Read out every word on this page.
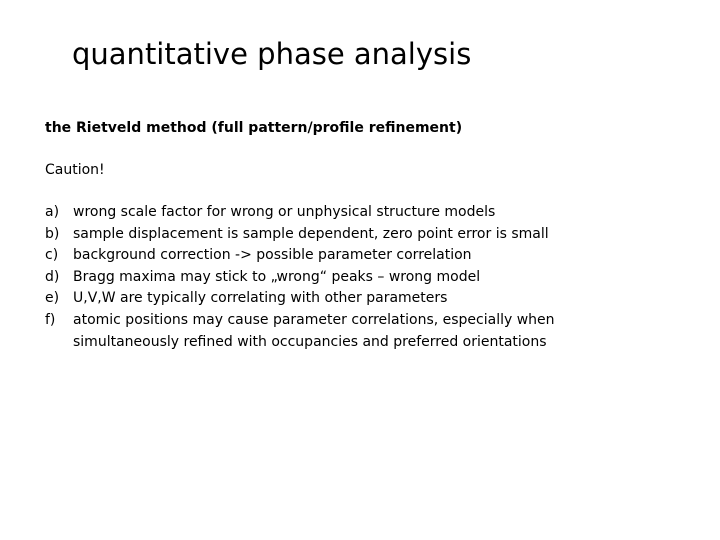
quantitative phase analysis
the Rietveld method (full pattern/profile refinement)
Caution!
a) wrong scale factor for wrong or unphysical structure models
b) sample displacement is sample dependent, zero point error is small
c)	background correction -> possible parameter correlation
d) Bragg maxima may stick to „wrong“ peaks – wrong model
e) U,V,W are typically correlating with other parameters
f)	atomic positions may cause parameter correlations, especially when simultaneously refined with occupancies and preferred orientations
